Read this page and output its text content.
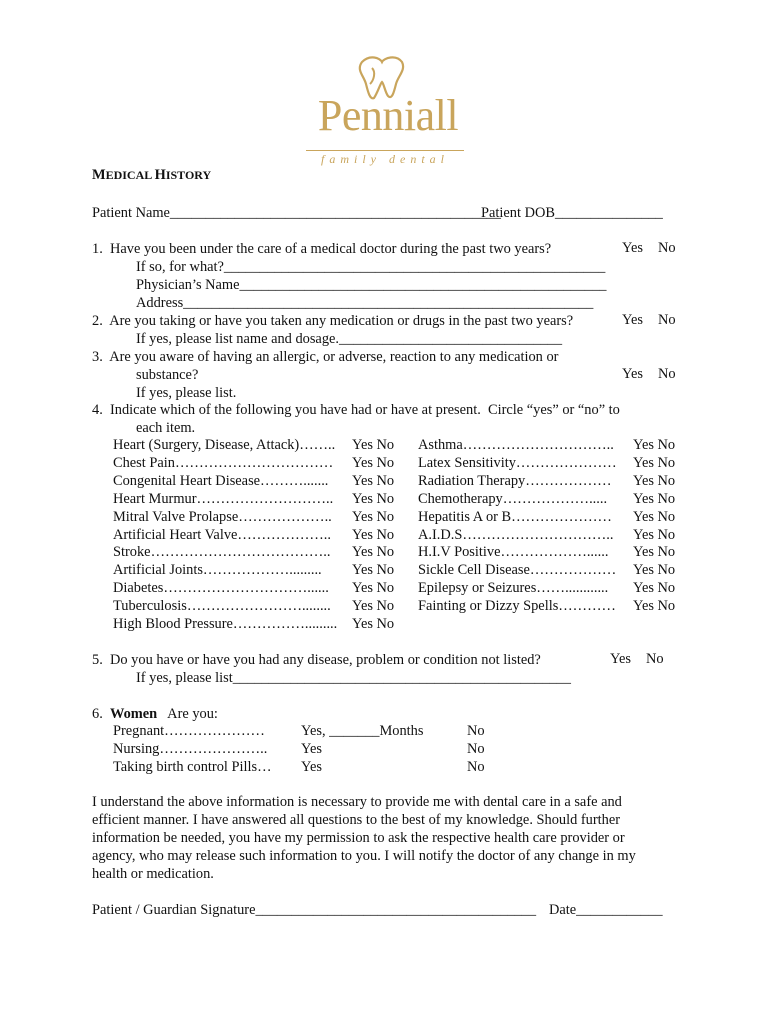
Penniall
family dental
MEDICAL HISTORY
Patient Name______________________________________________
Patient DOB_______________
1.  Have you been under the care of a medical doctor during the past two years?	Yes No
If so, for what?_____________________________________________________
Physician’s Name___________________________________________________
Address_________________________________________________________
2.  Are you taking or have you taken any medication or drugs in the past two years?	Yes No
If yes, please list name and dosage._______________________________
3.  Are you aware of having an allergic, or adverse, reaction to any medication or
substance?	Yes No
If yes, please list.
4.  Indicate which of the following you have had or have at present.  Circle “yes” or “no” to
each item.
Heart (Surgery, Disease, Attack)…….. Yes No
Chest Pain…………………………… Yes No
Congenital Heart Disease………....... Yes No
Heart Murmur……………………….. Yes No
Mitral Valve Prolapse……………….. Yes No
Artificial Heart Valve……………….. Yes No
Stroke……………………………….. Yes No
Artificial Joints………………......... Yes No
Diabetes…………………………...... Yes No
Tuberculosis……………………........ Yes No
High Blood Pressure……………......... Yes No
Asthma………………………….. Yes No
Latex Sensitivity………………… Yes No
Radiation Therapy……………… Yes No
Chemotherapy………………..... Yes No
Hepatitis A or B………………… Yes No
A.I.D.S………………………….. Yes No
H.I.V Positive………………...... Yes No
Sickle Cell Disease……………… Yes No
Epilepsy or Seizures……............ Yes No
Fainting or Dizzy Spells………… Yes No
5.  Do you have or have you had any disease, problem or condition not listed?	Yes No
If yes, please list_______________________________________________
6. Women Are you:
Pregnant…………………	Yes, _______Months	No
Nursing………………….. Yes	No
Taking birth control Pills… Yes	No
I understand the above information is necessary to provide me with dental care in a safe and
efficient manner. I have answered all questions to the best of my knowledge. Should further
information be needed, you have my permission to ask the respective health care provider or
agency, who may release such information to you. I will notify the doctor of any change in my
health or medication.
Patient / Guardian Signature_______________________________________ Date____________
